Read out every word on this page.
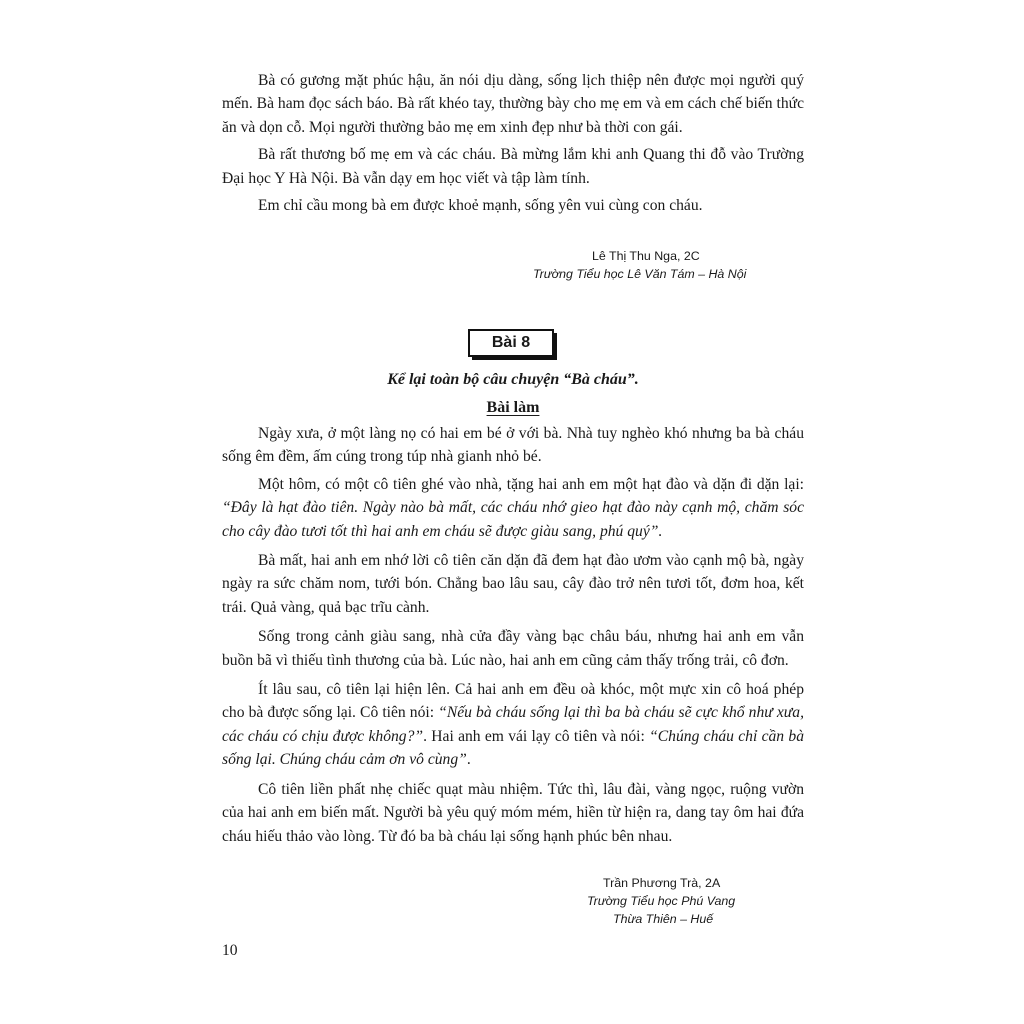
Bà có gương mặt phúc hậu, ăn nói dịu dàng, sống lịch thiệp nên được mọi người quý mến. Bà ham đọc sách báo. Bà rất khéo tay, thường bày cho mẹ em và em cách chế biến thức ăn và dọn cỗ. Mọi người thường bảo mẹ em xinh đẹp như bà thời con gái.

Bà rất thương bố mẹ em và các cháu. Bà mừng lắm khi anh Quang thi đỗ vào Trường Đại học Y Hà Nội. Bà vẫn dạy em học viết và tập làm tính.

Em chỉ cầu mong bà em được khoẻ mạnh, sống yên vui cùng con cháu.

Lê Thị Thu Nga, 2C
Trường Tiểu học Lê Văn Tám – Hà Nội
Bài 8
Kể lại toàn bộ câu chuyện “Bà cháu”.
Bài làm

Ngày xưa, ở một làng nọ có hai em bé ở với bà. Nhà tuy nghèo khó nhưng ba bà cháu sống êm đềm, ấm cúng trong túp nhà gianh nhỏ bé.

Một hôm, có một cô tiên ghé vào nhà, tặng hai anh em một hạt đào và dặn đi dặn lại: “Đây là hạt đào tiên. Ngày nào bà mất, các cháu nhớ gieo hạt đào này cạnh mộ, chăm sóc cho cây đào tươi tốt thì hai anh em cháu sẽ được giàu sang, phú quý”.

Bà mất, hai anh em nhớ lời cô tiên căn dặn đã đem hạt đào ươm vào cạnh mộ bà, ngày ngày ra sức chăm nom, tưới bón. Chẳng bao lâu sau, cây đào trở nên tươi tốt, đơm hoa, kết trái. Quả vàng, quả bạc trĩu cành.

Sống trong cảnh giàu sang, nhà cửa đầy vàng bạc châu báu, nhưng hai anh em vẫn buồn bã vì thiếu tình thương của bà. Lúc nào, hai anh em cũng cảm thấy trống trải, cô đơn.

Ít lâu sau, cô tiên lại hiện lên. Cả hai anh em đều oà khóc, một mực xin cô hoá phép cho bà được sống lại. Cô tiên nói: “Nếu bà cháu sống lại thì ba bà cháu sẽ cực khổ như xưa, các cháu có chịu được không?”. Hai anh em vái lạy cô tiên và nói: “Chúng cháu chỉ cần bà sống lại. Chúng cháu cảm ơn vô cùng”.

Cô tiên liền phất nhẹ chiếc quạt màu nhiệm. Tức thì, lâu đài, vàng ngọc, ruộng vườn của hai anh em biến mất. Người bà yêu quý móm mém, hiền từ hiện ra, dang tay ôm hai đứa cháu hiếu thảo vào lòng. Từ đó ba bà cháu lại sống hạnh phúc bên nhau.

Trần Phương Trà, 2A
Trường Tiểu học Phú Vang
Thừa Thiên – Huế
10
